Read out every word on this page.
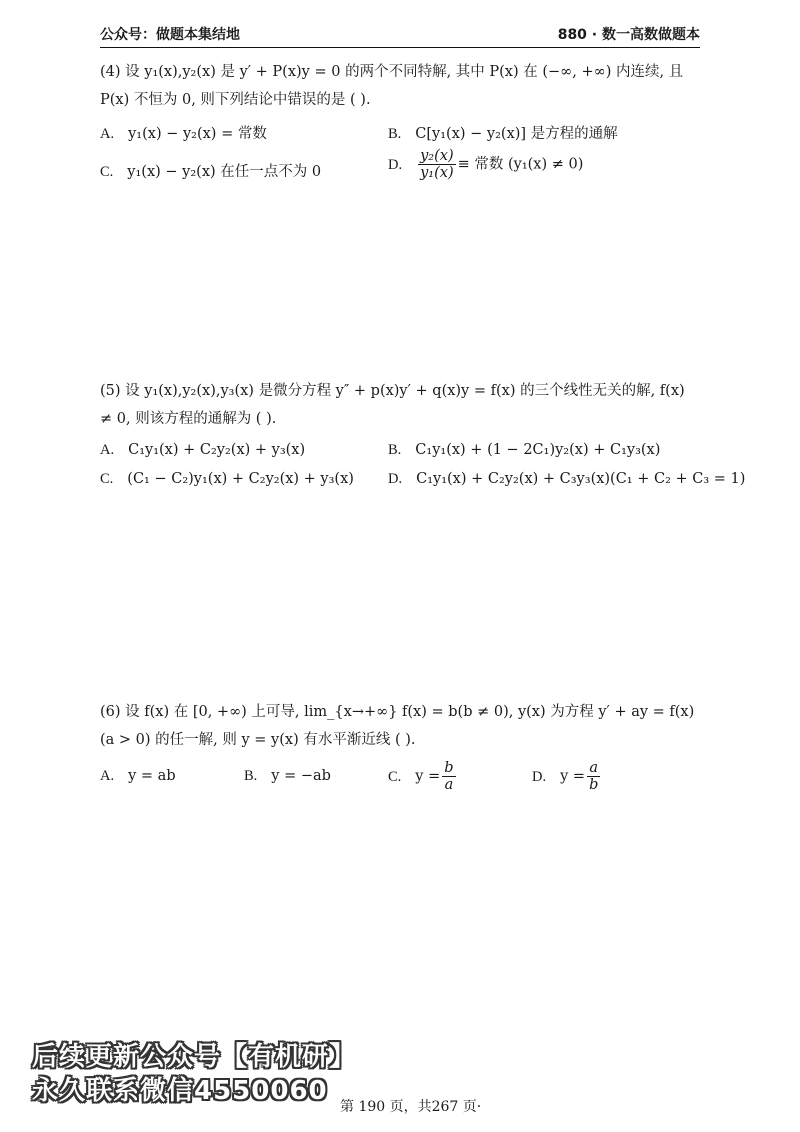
公众号：做题本集结地	880 · 数一高数做题本

(4) 设 y₁(x),y₂(x) 是 y′ + P(x)y = 0 的两个不同特解, 其中 P(x) 在 (−∞, +∞) 内连续, 且 P(x) 不恒为 0, 则下列结论中错误的是 ( ).

A. y₁(x) − y₂(x) = 常数	B. C[y₁(x) − y₂(x)] 是方程的通解
C. y₁(x) − y₂(x) 在任一点不为 0	D. $\frac{\text{y₂(x)}}{\text{y₁(x)}}$ ≡ 常数 (y₁(x) ≠ 0)

(5) 设 y₁(x),y₂(x),y₃(x) 是微分方程 y″ + p(x)y′ + q(x)y = f(x) 的三个线性无关的解, f(x) ≠ 0, 则该方程的通解为 ( ).

A. C₁y₁(x) + C₂y₂(x) + y₃(x)	B. C₁y₁(x) + (1 − 2C₁)y₂(x) + C₁y₃(x)
C. (C₁ − C₂)y₁(x) + C₂y₂(x) + y₃(x) D. C₁y₁(x) + C₂y₂(x) + C₃y₃(x)(C₁ + C₂ + C₃ = 1)

(6) 设 f(x) 在 [0, +∞) 上可导, lim_{x→+∞} f(x) = b(b ≠ 0), y(x) 为方程 y′ + ay = f(x)(a > 0) 的任一解, 则 y = y(x) 有水平渐近线 ( ).

A. y = ab	B. y = −ab	C. $y = \frac{b}{a}$	D. $y = \frac{a}{b}$
后续更新公众号【有机研】
永久联系微信4550060
第 190 页，共267 页·
